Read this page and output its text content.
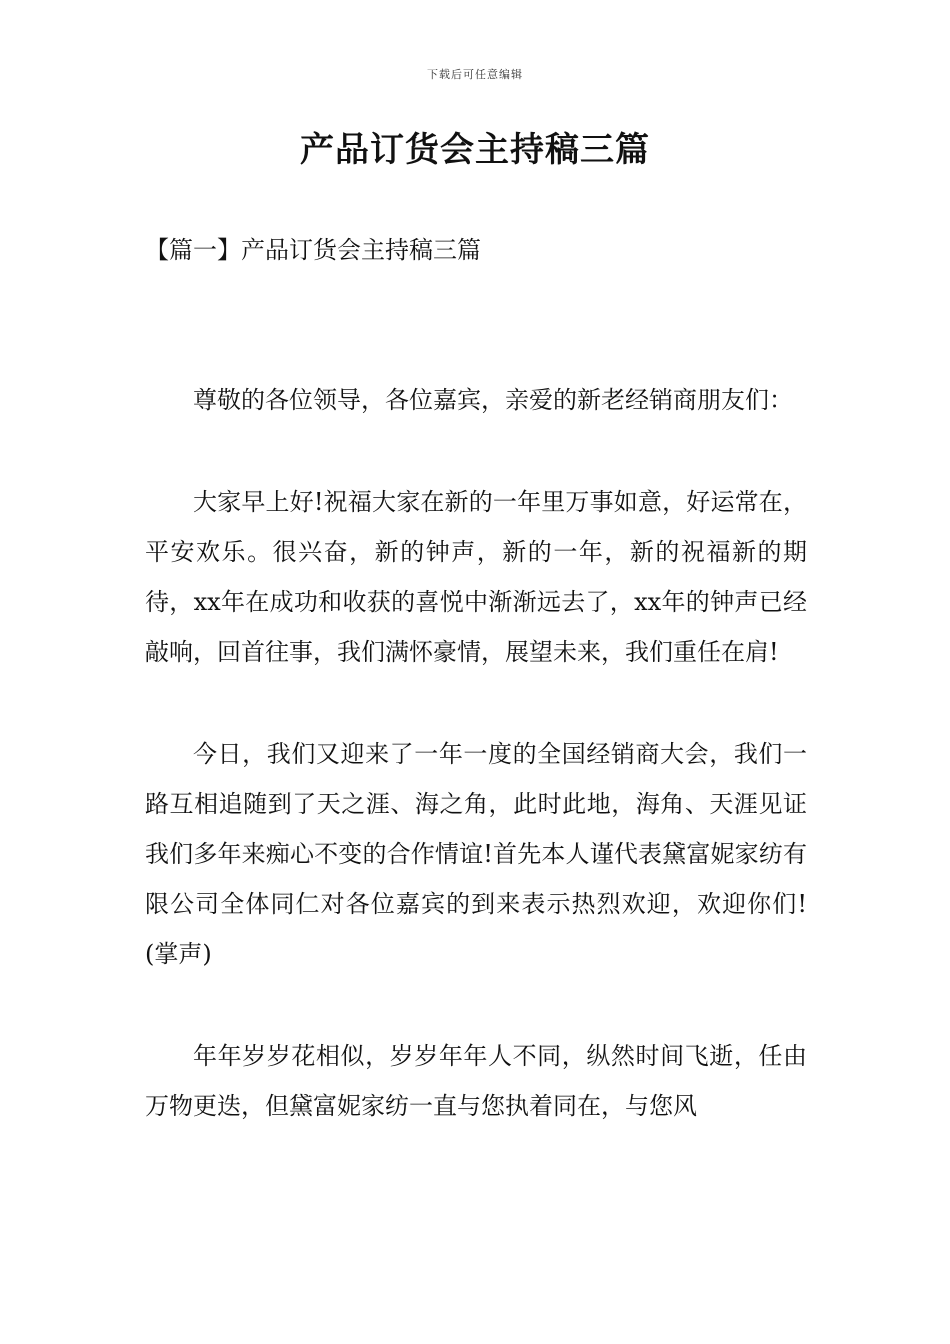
下载后可任意编辑
产品订货会主持稿三篇
【篇一】产品订货会主持稿三篇

尊敬的各位领导，各位嘉宾，亲爱的新老经销商朋友们：

大家早上好!祝福大家在新的一年里万事如意，好运常在，平安欢乐。很兴奋，新的钟声，新的一年，新的祝福新的期待，xx年在成功和收获的喜悦中渐渐远去了，xx年的钟声已经敲响，回首往事，我们满怀豪情，展望未来，我们重任在肩!

今日，我们又迎来了一年一度的全国经销商大会，我们一路互相追随到了天之涯、海之角，此时此地，海角、天涯见证我们多年来痴心不变的合作情谊!首先本人谨代表黛富妮家纺有限公司全体同仁对各位嘉宾的到来表示热烈欢迎，欢迎你们!(掌声)

年年岁岁花相似，岁岁年年人不同，纵然时间飞逝，任由万物更迭，但黛富妮家纺一直与您执着同在，与您风
